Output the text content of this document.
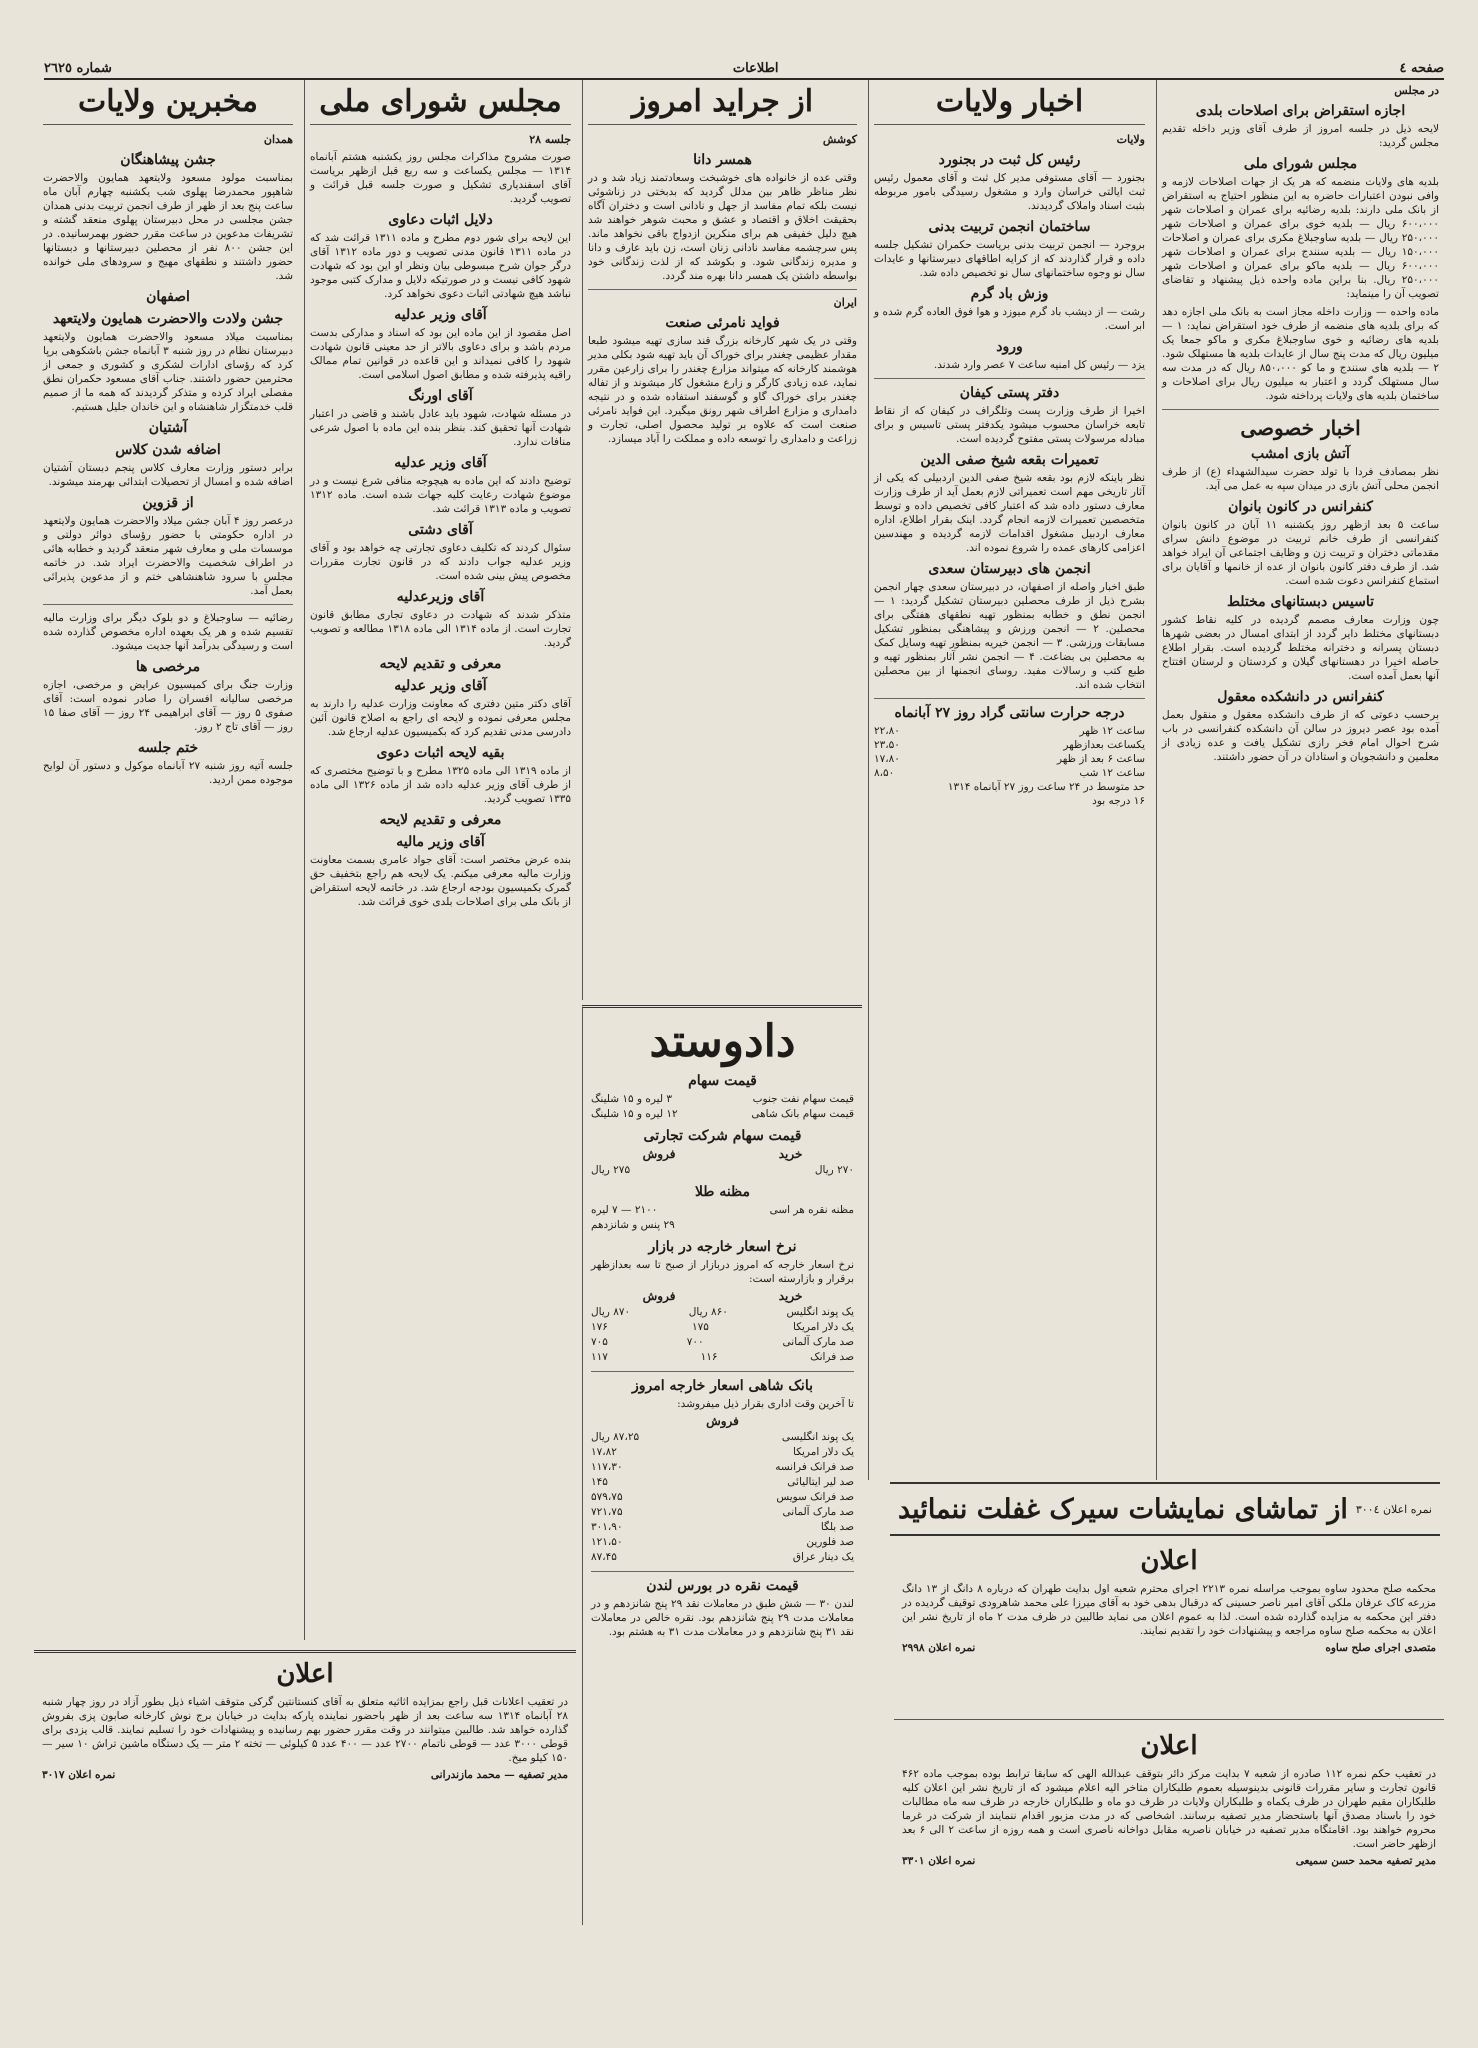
صفحه ٤
اطلاعات
شماره ٢٦٢٥
در مجلس
اجازه استقراض برای اصلاحات بلدی

لایحه ذیل در جلسه امروز از طرف آقای وزیر داخله تقدیم مجلس گردید:

مجلس شورای ملی

بلدیه های ولایات منضمه که هر یک از جهات اصلاحات لازمه و وافی نبودن اعتبارات حاضره به این منظور احتیاج به استقراض از بانک ملی دارند: بلدیه رضائیه برای عمران و اصلاحات شهر ۶۰۰،۰۰۰ ریال — بلدیه خوی برای عمران و اصلاحات شهر ۲۵۰،۰۰۰ ریال — بلدیه ساوجبلاغ مکری برای عمران و اصلاحات ۱۵۰،۰۰۰ ریال — بلدیه سنندج برای عمران و اصلاحات شهر ۶۰۰،۰۰۰ ریال — بلدیه ماکو برای عمران و اصلاحات شهر ۲۵۰،۰۰۰ ریال. بنا براین ماده واحده ذیل پیشنهاد و تقاضای تصویب آن را مینماید:

ماده واحده — وزارت داخله مجاز است به بانک ملی اجازه دهد که برای بلدیه های منضمه از طرف خود استقراض نماید: ۱ — بلدیه های رضائیه و خوی ساوجبلاغ مکری و ماکو جمعا یک میلیون ریال که مدت پنج سال از عایدات بلدیه ها مستهلک شود. ۲ — بلدیه های سنندج و ما کو ۸۵۰،۰۰۰ ریال که در مدت سه سال مستهلک گردد و اعتبار به میلیون ریال برای اصلاحات و ساختمان بلدیه های ولایات پرداخته شود.

اخبار خصوصی
آتش بازی امشب

نظر بمصادف فردا با تولد حضرت سیدالشهداء (ع) از طرف انجمن محلی آتش بازی در میدان سپه به عمل می آید.

کنفرانس در کانون بانوان

ساعت ۵ بعد ازظهر روز یکشنبه ۱۱ آبان در کانون بانوان کنفرانسی از طرف خانم تربیت در موضوع دانش سرای مقدماتی دختران و تربیت زن و وظایف اجتماعی آن ایراد خواهد شد. از طرف دفتر کانون بانوان از عده از خانمها و آقایان برای استماع کنفرانس دعوت شده است.

تاسیس دبستانهای مختلط

چون وزارت معارف مصمم گردیده در کلیه نقاط کشور دبستانهای مختلط دایر گردد از ابتدای امسال در بعضی شهرها دبستان پسرانه و دخترانه مختلط گردیده است. بقرار اطلاع حاصله اخیرا در دهستانهای گیلان و کردستان و لرستان افتتاح آنها بعمل آمده است.

کنفرانس در دانشکده معقول

برحسب دعوتی که از طرف دانشکده معقول و منقول بعمل آمده بود عصر دیروز در سالن آن دانشکده کنفرانسی در باب شرح احوال امام فخر رازی تشکیل یافت و عده زیادی از معلمین و دانشجویان و استادان در آن حضور داشتند.

اخبار ولایات
ولایات
رئیس کل ثبت در بجنورد

بجنورد — آقای مستوفی مدیر کل ثبت و آقای معمول رئیس ثبت ایالتی خراسان وارد و مشغول رسیدگی بامور مربوطه بثبت اسناد واملاک گردیدند.

ساختمان انجمن تربیت بدنی

بروجرد — انجمن تربیت بدنی بریاست حکمران تشکیل جلسه داده و قرار گذاردند که از کرایه اطاقهای دبیرستانها و عایدات سال نو وجوه ساختمانهای سال نو تخصیص داده شد.

وزش باد گرم

رشت — از دیشب باد گرم میوزد و هوا فوق العاده گرم شده و ابر است.

ورود

یزد — رئیس کل امنیه ساعت ۷ عصر وارد شدند.

دفتر پستی کیفان

اخیرا از طرف وزارت پست وتلگراف در کیفان که از نقاط تابعه خراسان محسوب میشود یکدفتر پستی تاسیس و برای مبادله مرسولات پستی مفتوح گردیده است.

تعمیرات بقعه شیخ صفی الدین

نظر باینکه لازم بود بقعه شیخ صفی الدین اردبیلی که یکی از آثار تاریخی مهم است تعمیراتی لازم بعمل آید از طرف وزارت معارف دستور داده شد که اعتبار کافی تخصیص داده و توسط متخصصین تعمیرات لازمه انجام گردد. اینک بقرار اطلاع، اداره معارف اردبیل مشغول اقدامات لازمه گردیده و مهندسین اعزامی کارهای عمده را شروع نموده اند.

انجمن های دبیرستان سعدی

طبق اخبار واصله از اصفهان، در دبیرستان سعدی چهار انجمن بشرح ذیل از طرف محصلین دبیرستان تشکیل گردید: ۱ — انجمن نطق و خطابه بمنظور تهیه نطقهای هفتگی برای محصلین. ۲ — انجمن ورزش و پیشاهنگی بمنظور تشکیل مسابقات ورزشی. ۳ — انجمن خیریه بمنظور تهیه وسایل کمک به محصلین بی بضاعت. ۴ — انجمن نشر آثار بمنظور تهیه و طبع کتب و رسالات مفید. روسای انجمنها از بین محصلین انتخاب شده اند.

درجه حرارت سانتی گراد روز ۲۷ آبانماه
ساعت ۱۲ ظهر
۲۲،۸۰
یکساعت بعدازظهر
۲۳،۵۰
ساعت ۶ بعد از ظهر
۱۷،۸۰
ساعت ۱۲ شب
۸،۵۰
حد متوسط در ۲۴ ساعت روز ۲۷ آبانماه ۱۳۱۴
۱۶ درجه بود
از جراید امروز
کوشش
همسر دانا

وقتی عده از خانواده های خوشبخت وسعادتمند زیاد شد و در نظر مناظر ظاهر بین مدلل گردید که بدبختی در زناشوئی نیست بلکه تمام مفاسد از جهل و نادانی است و دختران آگاه بحقیقت اخلاق و اقتصاد و عشق و محبت شوهر خواهند شد هیچ دلیل خفیفی هم برای منکرین ازدواج باقی نخواهد ماند. پس سرچشمه مفاسد نادانی زنان است، زن باید عارف و دانا و مدیره زندگانی شود. و بکوشد که از لذت زندگانی خود بواسطه داشتن یک همسر دانا بهره مند گردد.

ایران
فواید نامرئی صنعت

وقتی در یک شهر کارخانه بزرگ قند سازی تهیه میشود طبعا مقدار عظیمی چغندر برای خوراک آن باید تهیه شود بکلی مدیر هوشمند کارخانه که میتواند مزارع چغندر را برای زارعین مقرر نماید، عده زیادی کارگر و زارع مشغول کار میشوند و از تفاله چغندر برای خوراک گاو و گوسفند استفاده شده و در نتیجه دامداری و مزارع اطراف شهر رونق میگیرد. این فواید نامرئی صنعت است که علاوه بر تولید محصول اصلی، تجارت و زراعت و دامداری را توسعه داده و مملکت را آباد میسازد.

دادوستد
قیمت سهام
قیمت سهام نفت جنوب
۳ لیره و ۱۵ شلینگ
قیمت سهام بانک شاهی
۱۲ لیره و ۱۵ شلینگ
قیمت سهام شرکت تجارتی
خرید
فروش
۲۷۰ ریال
۲۷۵ ریال
مظنه طلا
مظنه نقره هر اسی
۲۱۰۰ — ۷ لیره
۲۹ پنس و شانزدهم
نرخ اسعار خارجه در بازار

نرخ اسعار خارجه که امروز دربازار از صبح تا سه بعدازظهر برقرار و بازارسته است:

خرید
فروش
یک پوند انگلیس
۸۶۰ ریال
۸۷۰ ریال
یک دلار امریکا
۱۷۵
۱۷۶
صد مارک آلمانی
۷۰۰
۷۰۵
صد فرانک
۱۱۶
۱۱۷
بانک شاهی اسعار خارجه امروز

تا آخرین وقت اداری بقرار ذیل میفروشد:

فروش
یک پوند انگلیسی
۸۷،۲۵ ریال
یک دلار امریکا
۱۷،۸۲
صد فرانک فرانسه
۱۱۷،۳۰
صد لیر ایتالیائی
۱۴۵
صد فرانک سویس
۵۷۹،۷۵
صد مارک آلمانی
۷۲۱،۷۵
صد بلگا
۳۰۱،۹۰
صد فلورین
۱۲۱،۵۰
یک دینار عراق
۸۷،۴۵
قیمت نقره در بورس لندن

لندن ۳۰ — شش طبق در معاملات نقد ۲۹ پنج شانزدهم و در معاملات مدت ۲۹ پنج شانزدهم بود. نقره خالص در معاملات نقد ۳۱ پنج شانزدهم و در معاملات مدت ۳۱ به هشتم بود.

مجلس شورای ملی
جلسه ۲۸

صورت مشروح مذاکرات مجلس روز یکشنبه هشتم آبانماه ۱۳۱۴ — مجلس یکساعت و سه ربع قبل ازظهر بریاست آقای اسفندیاری تشکیل و صورت جلسه قبل قرائت و تصویب گردید.

دلایل اثبات دعاوی

این لایحه برای شور دوم مطرح و ماده ۱۳۱۱ قرائت شد که در ماده ۱۳۱۱ قانون مدنی تصویب و دور ماده ۱۳۱۲ آقای درگر جوان شرح مبسوطی بیان ونظر او این بود که شهادت شهود کافی نیست و در صورتیکه دلایل و مدارک کتبی موجود نباشد هیچ شهادتی اثبات دعوی نخواهد کرد.

آقای وزیر عدلیه

اصل مقصود از این ماده این بود که اسناد و مدارکی بدست مردم باشد و برای دعاوی بالاتر از حد معینی قانون شهادت شهود را کافی نمیداند و این قاعده در قوانین تمام ممالک راقیه پذیرفته شده و مطابق اصول اسلامی است.

آقای اورنگ

در مسئله شهادت، شهود باید عادل باشند و قاضی در اعتبار شهادت آنها تحقیق کند. بنظر بنده این ماده با اصول شرعی منافات ندارد.

آقای وزیر عدلیه

توضیح دادند که این ماده به هیچوجه منافی شرع نیست و در موضوع شهادت رعایت کلیه جهات شده است. ماده ۱۳۱۲ تصویب و ماده ۱۳۱۳ قرائت شد.

آقای دشتی

سئوال کردند که تکلیف دعاوی تجارتی چه خواهد بود و آقای وزیر عدلیه جواب دادند که در قانون تجارت مقررات مخصوص پیش بینی شده است.

آقای وزیرعدلیه

متذکر شدند که شهادت در دعاوی تجاری مطابق قانون تجارت است. از ماده ۱۳۱۴ الی ماده ۱۳۱۸ مطالعه و تصویب گردید.

معرفی و تقدیم لایحه
آقای وزیر عدلیه

آقای دکتر متین دفتری که معاونت وزارت عدلیه را دارند به مجلس معرفی نموده و لایحه ای راجع به اصلاح قانون آئین دادرسی مدنی تقدیم کرد که بکمیسیون عدلیه ارجاع شد.

بقیه لایحه اثبات دعوی

از ماده ۱۳۱۹ الی ماده ۱۳۲۵ مطرح و با توضیح مختصری که از طرف آقای وزیر عدلیه داده شد از ماده ۱۳۲۶ الی ماده ۱۳۳۵ تصویب گردید.

معرفی و تقدیم لایحه
آقای وزیر مالیه

بنده عرض مختصر است: آقای جواد عامری بسمت معاونت وزارت مالیه معرفی میکنم. یک لایحه هم راجع بتخفیف حق گمرک بکمیسیون بودجه ارجاع شد. در خاتمه لایحه استقراض از بانک ملی برای اصلاحات بلدی خوی قرائت شد.

مخبرین ولایات
همدان
جشن پیشاهنگان

بمناسبت مولود مسعود ولایتعهد همایون والاحضرت شاهپور محمدرضا پهلوی شب یکشنبه چهارم آبان ماه ساعت پنج بعد از ظهر از طرف انجمن تربیت بدنی همدان جشن مجلسی در محل دبیرستان پهلوی منعقد گشته و تشریفات مدعوین در ساعت مقرر حضور بهمرسانیده. در این جشن ۸۰۰ نفر از محصلین دبیرستانها و دبستانها حضور داشتند و نطقهای مهیج و سرودهای ملی خوانده شد.

اصفهان
جشن ولادت والاحضرت همایون ولایتعهد

بمناسبت میلاد مسعود والاحضرت همایون ولایتعهد دبیرستان نظام در روز شنبه ۳ آبانماه جشن باشکوهی برپا کرد که رؤسای ادارات لشکری و کشوری و جمعی از محترمین حضور داشتند. جناب آقای مسعود حکمران نطق مفصلی ایراد کرده و متذکر گردیدند که همه ما از صمیم قلب خدمتگزار شاهنشاه و این خاندان جلیل هستیم.

آشتیان
اضافه شدن کلاس

برابر دستور وزارت معارف کلاس پنجم دبستان آشتیان اضافه شده و امسال از تحصیلات ابتدائی بهرمند میشوند.

از قزوین

درعصر روز ۴ آبان جشن میلاد والاحضرت همایون ولایتعهد در اداره حکومتی با حضور رؤسای دوائر دولتی و موسسات ملی و معارف شهر منعقد گردید و خطابه هائی در اطراف شخصیت والاحضرت ایراد شد. در خاتمه مجلس با سرود شاهنشاهی ختم و از مدعوین پذیرائی بعمل آمد.

رضائیه — ساوجبلاغ و دو بلوک دیگر برای وزارت مالیه تقسیم شده و هر یک بعهده اداره مخصوص گذارده شده است و رسیدگی بدرآمد آنها جدیت میشود.

مرخصی ها

وزارت جنگ برای کمیسیون عرایض و مرخصی، اجازه مرخصی سالیانه افسران را صادر نموده است: آقای صفوی ۵ روز — آقای ابراهیمی ۲۴ روز — آقای صفا ۱۵ روز — آقای تاج ۲ روز.

ختم جلسه

جلسه آتیه روز شنبه ۲۷ آبانماه موکول و دستور آن لوایح موجوده ممن اردید.

نمره اعلان ۳۰۰٤
از تماشای نمایشات سیرک غفلت ننمائید
اعلان

محکمه صلح محدود ساوه بموجب مراسله نمره ۲۲۱۳ اجرای محترم شعبه اول بدایت طهران که درباره ۸ دانگ از ۱۳ دانگ مزرعه کاک عرفان ملکی آقای امیر ناصر حسینی که درقبال بدهی خود به آقای میرزا علی محمد شاهرودی توقیف گردیده در دفتر این محکمه به مزایده گذارده شده است. لذا به عموم اعلان می نماید طالبین در ظرف مدت ۲ ماه از تاریخ نشر این اعلان به محکمه صلح ساوه مراجعه و پیشنهادات خود را تقدیم نمایند.

متصدی اجرای صلح ساوه
نمره اعلان ۲۹۹۸
اعلان

در تعقیب حکم نمره ۱۱۲ صادره از شعبه ۷ بدایت مرکز دائر بتوقف عبدالله الهی که سابقا ترابط بوده بموجب ماده ۴۶۲ قانون تجارت و سایر مقررات قانونی بدینوسیله بعموم طلبکاران متاخر الیه اعلام میشود که از تاریخ نشر این اعلان کلیه طلبکاران مقیم طهران در ظرف یکماه و طلبکاران ولایات در ظرف دو ماه و طلبکاران خارجه در ظرف سه ماه مطالبات خود را باسناد مصدق آنها باستحضار مدیر تصفیه برسانند. اشخاصی که در مدت مزبور اقدام ننمایند از شرکت در غرما محروم خواهند بود. اقامتگاه مدیر تصفیه در خیابان ناصریه مقابل دواخانه ناصری است و همه روزه از ساعت ۲ الی ۶ بعد ازظهر حاضر است.

مدیر تصفیه محمد حسن سمیعی
نمره اعلان ۳۳۰۱
اعلان

در تعقیب اعلانات قبل راجع بمزایده اثاثیه متعلق به آقای کنستانتین گرکی متوقف اشیاء ذیل بطور آزاد در روز چهار شنبه ۲۸ آبانماه ۱۳۱۴ سه ساعت بعد از ظهر باحضور نماینده پارکه بدایت در خیابان برج نوش کارخانه صابون پزی بفروش گذارده خواهد شد. طالبین میتوانند در وقت مقرر حضور بهم رسانیده و پیشنهادات خود را تسلیم نمایند. قالب یزدی برای قوطی ۳۰۰۰ عدد — قوطی ناتمام ۲۷۰۰ عدد — ۴۰۰ عدد ۵ کیلوئی — تخته ۲ متر — یک دستگاه ماشین تراش ۱۰ سیر — ۱۵۰ کیلو میخ.

مدیر تصفیه — محمد مازندرانی
نمره اعلان ۳۰۱۷
